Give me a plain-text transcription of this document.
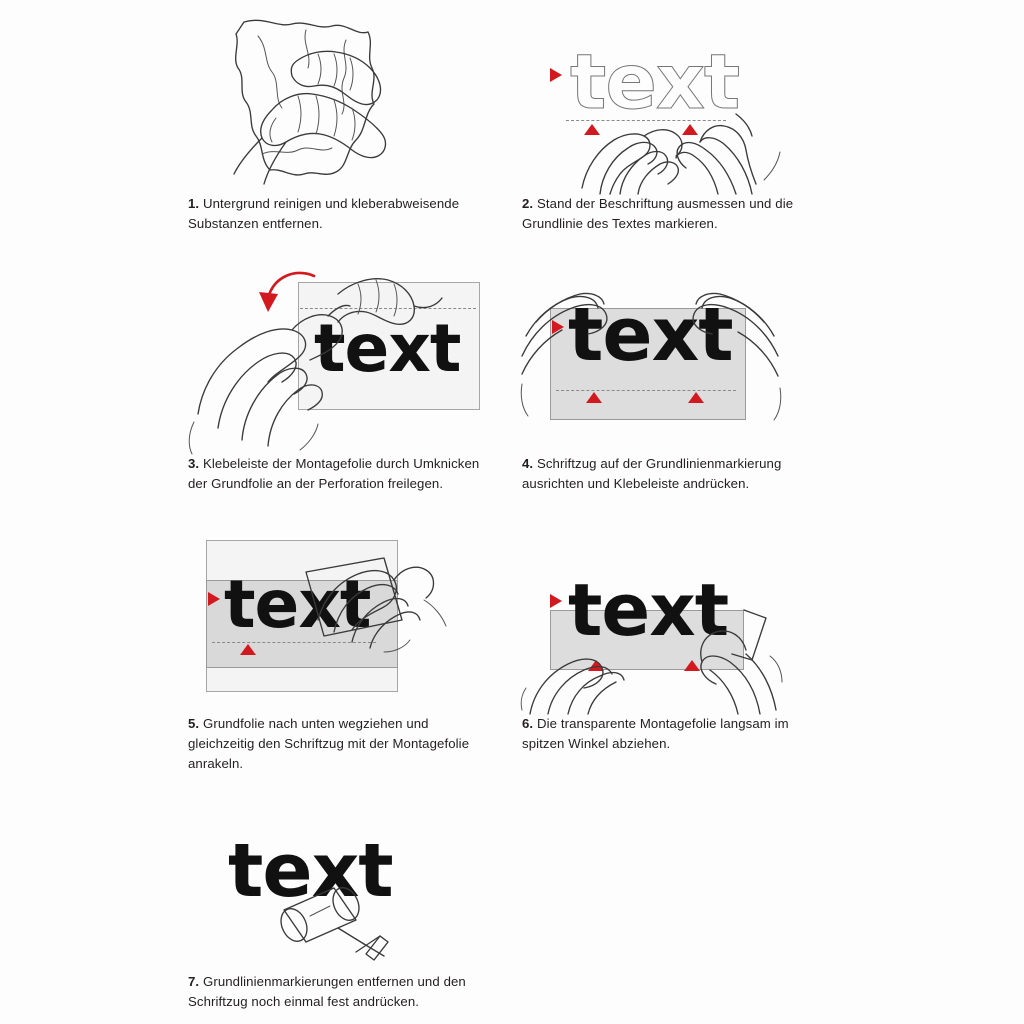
1. Untergrund reinigen und kleberabweisende Substanzen entfernen.
text
2. Stand der Beschriftung ausmessen und die Grundlinie des Textes markieren.
text
3. Klebeleiste der Montagefolie durch Umknicken der Grundfolie an der Perforation freilegen.
text
4. Schriftzug auf der Grundlinienmarkierung ausrichten und Klebeleiste andrücken.
text
5. Grundfolie nach unten wegziehen und gleichzeitig den Schriftzug mit der Montagefolie anrakeln.
text
6. Die transparente Montagefolie langsam im spitzen Winkel abziehen.
text
7. Grundlinienmarkierungen entfernen und den Schriftzug noch einmal fest andrücken.
